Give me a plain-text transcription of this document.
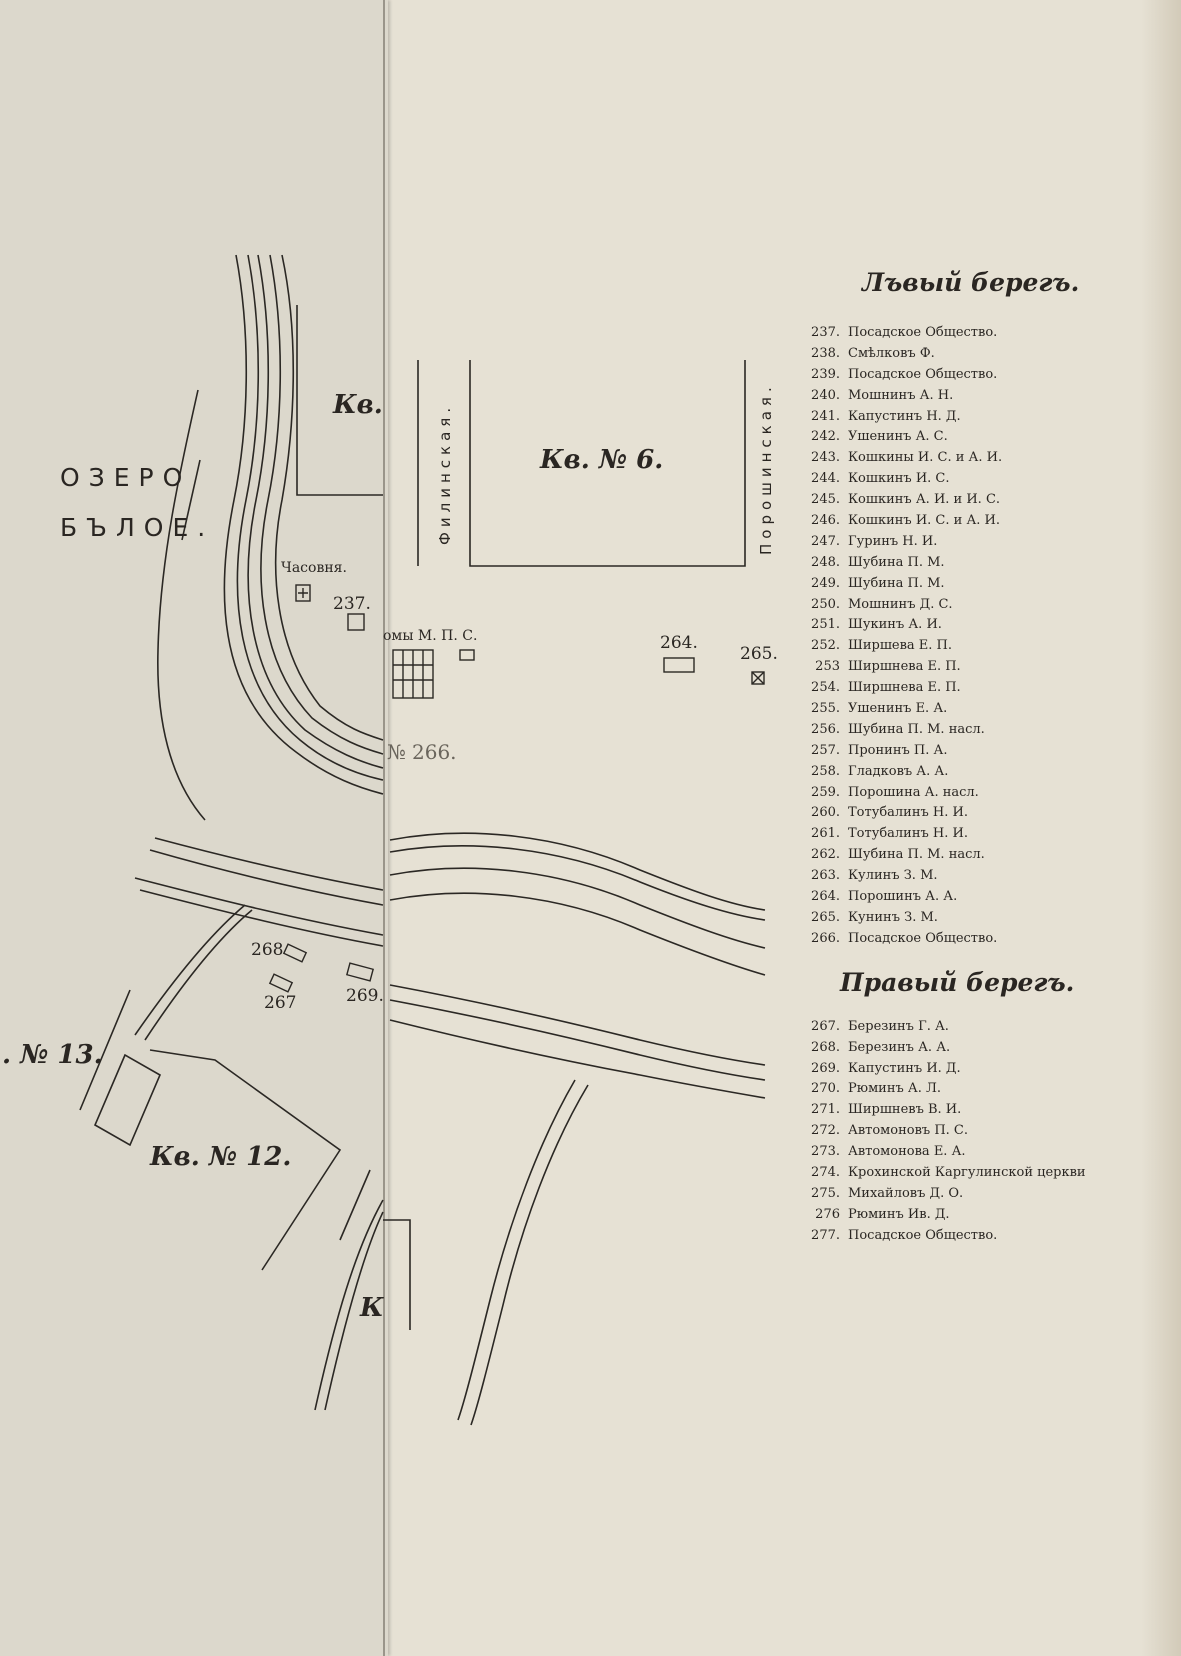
ОЗЕРО
БЪЛОЕ.
Кв.
Кв. № 6.
. № 13.
Кв. № 12.
К
Филинская.	Порошинская.
Часовня.
омы М. П. С.
237.
264.
265.
№ 266.
268
267	269.
Лъвый берегъ.
237. Посадское Общество.
238. Смѣлковъ Ф.
239. Посадское Общество.
240. Мошнинъ А. Н.
241. Капустинъ Н. Д.
242. Ушенинъ А. С.
243. Кошкины И. С. и А. И.
244. Кошкинъ И. С.
245. Кошкинъ А. И. и И. С.
246. Кошкинъ И. С. и А. И.
247. Гуринъ Н. И.
248. Шубина П. М.
249. Шубина П. М.
250. Мошнинъ Д. С.
251. Шукинъ А. И.
252. Ширшева Е. П.
253 Ширшнева Е. П.
254. Ширшнева Е. П.
255. Ушенинъ Е. А.
256. Шубина П. М. насл.
257. Пронинъ П. А.
258. Гладковъ А. А.
259. Порошина А. насл.
260. Тотубалинъ Н. И.
261. Тотубалинъ Н. И.
262. Шубина П. М. насл.
263. Кулинъ З. М.
264. Порошинъ А. А.
265. Кунинъ З. М.
266. Посадское Общество.
Правый берегъ.
267. Березинъ Г. А.
268. Березинъ А. А.
269. Капустинъ И. Д.
270. Рюминъ А. Л.
271. Ширшневъ В. И.
272. Автомоновъ П. С.
273. Автомонова Е. А.
274. Крохинской Каргулинской церкви
275. Михайловъ Д. О.
276 Рюминъ Ив. Д.
277. Посадское Общество.
